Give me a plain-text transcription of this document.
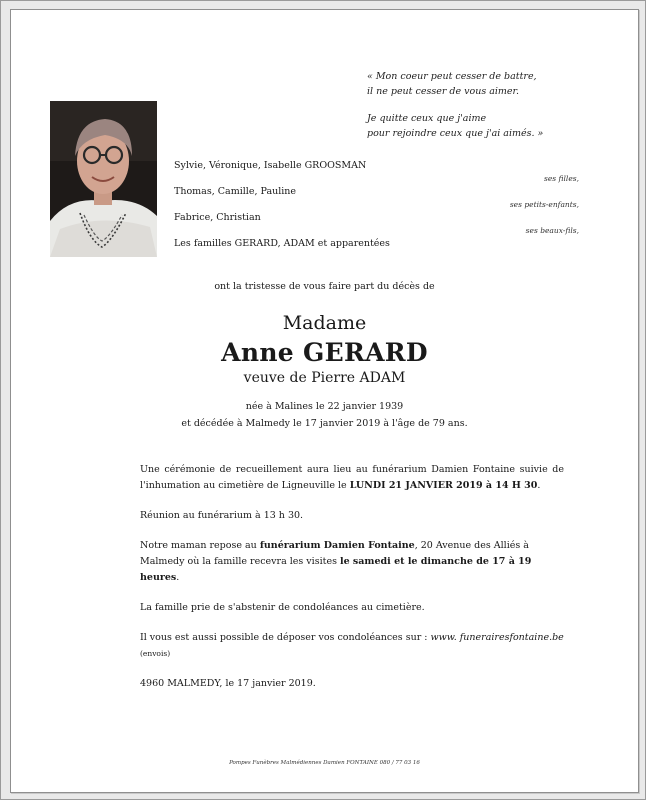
« Mon coeur peut cesser de battre,
il ne peut cesser de vous aimer.

Je quitte ceux que j'aime
pour rejoindre ceux que j'ai aimés. »

Sylvie, Véronique, Isabelle GROOSMAN
ses filles,
Thomas, Camille, Pauline
ses petits-enfants,
Fabrice, Christian
ses beaux-fils,
Les familles GERARD, ADAM et apparentées
ont la tristesse de vous faire part du décès de
Madame
Anne GERARD
veuve de Pierre ADAM
née à Malines le 22 janvier 1939
et décédée à Malmedy le 17 janvier 2019 à l'âge de 79 ans.

Une cérémonie de recueillement aura lieu au funérarium Damien Fontaine suivie de l'inhumation au cimetière de Ligneuville le LUNDI 21 JANVIER 2019 à 14 H 30.

Réunion au funérarium à 13 h 30.

Notre maman repose au funérarium Damien Fontaine, 20 Avenue des Alliés à Malmedy où la famille recevra les visites le samedi et le dimanche de 17 à 19 heures.

La famille prie de s'abstenir de condoléances au cimetière.

Il vous est aussi possible de déposer vos condoléances sur : www. funerairesfontaine.be (envois)

4960 MALMEDY, le 17 janvier 2019.

Pompes Funèbres Malmédiennes Damien FONTAINE 080 / 77 03 16
